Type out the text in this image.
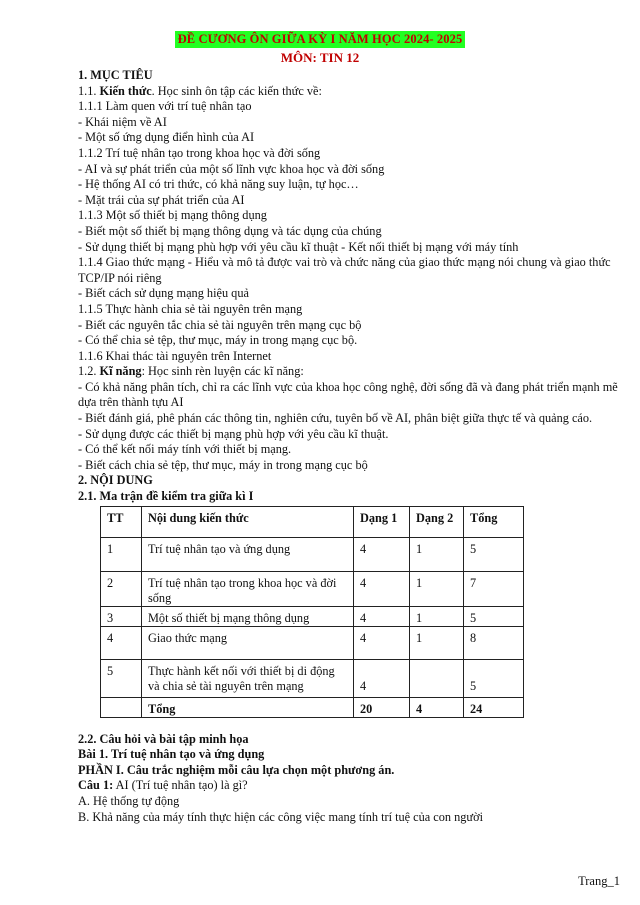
ĐỀ CƯƠNG ÔN GIỮA KỲ I NĂM HỌC 2024- 2025
MÔN: TIN 12
1. MỤC TIÊU
1.1. Kiến thức. Học sinh ôn tập các kiến thức về:
1.1.1 Làm quen với trí tuệ nhân tạo
- Khái niệm về AI
- Một số ứng dụng điển hình của AI
1.1.2 Trí tuệ nhân tạo trong khoa học và đời sống
- AI và sự phát triển của một số lĩnh vực khoa học và đời sống
- Hệ thống AI có tri thức, có khả năng suy luận, tự học…
- Mặt trái của sự phát triển của AI
1.1.3 Một số thiết bị mạng thông dụng
- Biết một số thiết bị mạng thông dụng và tác dụng của chúng
- Sử dụng thiết bị mạng phù hợp với yêu cầu kĩ thuật - Kết nối thiết bị mạng với máy tính
1.1.4 Giao thức mạng - Hiểu và mô tả được vai trò và chức năng của giao thức mạng nói chung và giao thức TCP/IP nói riêng
- Biết cách sử dụng mạng hiệu quả
1.1.5 Thực hành chia sẻ tài nguyên trên mạng
- Biết các nguyên tắc chia sẻ tài nguyên trên mạng cục bộ
- Có thể chia sẻ tệp, thư mục, máy in trong mạng cục bộ.
1.1.6 Khai thác tài nguyên trên Internet
1.2. Kĩ năng: Học sinh rèn luyện các kĩ năng:
- Có khả năng phân tích, chỉ ra các lĩnh vực của khoa học công nghệ, đời sống đã và đang phát triển mạnh mẽ dựa trên thành tựu AI
- Biết đánh giá, phê phán các thông tin, nghiên cứu, tuyên bố về AI, phân biệt giữa thực tế và quảng cáo.
- Sử dụng được các thiết bị mạng phù hợp với yêu cầu kĩ thuật.
- Có thể kết nối máy tính với thiết bị mạng.
- Biết cách chia sẻ tệp, thư mục, máy in trong mạng cục bộ
2. NỘI DUNG
2.1. Ma trận đề kiểm tra giữa kì I
TT	Nội dung kiến thức	Dạng 1	Dạng 2	Tổng
1	Trí tuệ nhân tạo và ứng dụng	4	1	5
2	Trí tuệ nhân tạo trong khoa học và đời sống	4	1	7
3	Một số thiết bị mạng thông dụng	4	1	5
4	Giao thức mạng	4	1	8
5	Thực hành kết nối với thiết bị di động và chia sẻ tài nguyên trên mạng	4		5
	Tổng	20	4	24
2.2. Câu hỏi và bài tập minh họa
Bài 1. Trí tuệ nhân tạo và ứng dụng
PHẦN I. Câu trắc nghiệm mỗi câu lựa chọn một phương án.
Câu 1: AI (Trí tuệ nhân tạo) là gì?
A. Hệ thống tự động
B. Khả năng của máy tính thực hiện các công việc mang tính trí tuệ của con người
Trang_1
